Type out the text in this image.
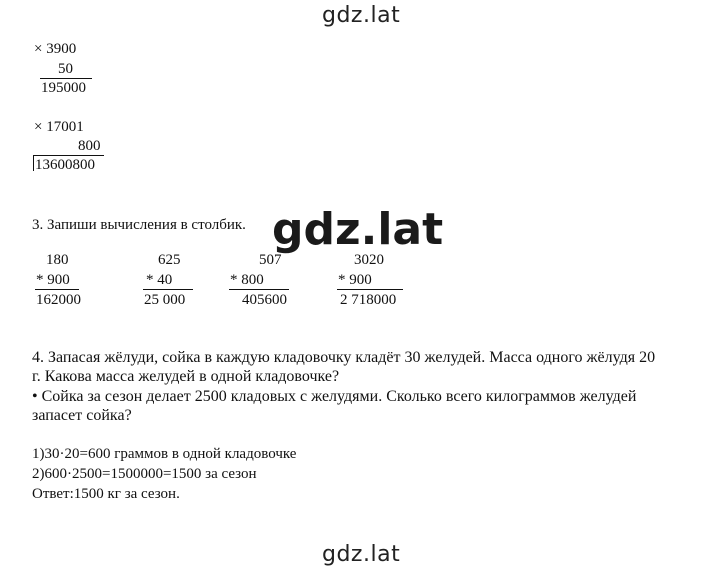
gdz.lat
× 3900
50
195000
× 17001
800
13600800
3. Запиши вычисления в столбик. gdz.lat
180
* 900
162000
625
* 40
25 000
507
* 800
405600
3020
* 900
2 718000
4. Запасая жёлуди, сойка в каждую кладовочку кладёт 30 желудей. Масса одного жёлудя 20
г. Какова масса желудей в одной кладовочке?
• Сойка за сезон делает 2500 кладовых с желудями. Сколько всего килограммов желудей
запасет сойка?
1)30·20=600 граммов в одной кладовочке
2)600·2500=1500000=1500 за сезон
Ответ:1500 кг за сезон.
gdz.lat
